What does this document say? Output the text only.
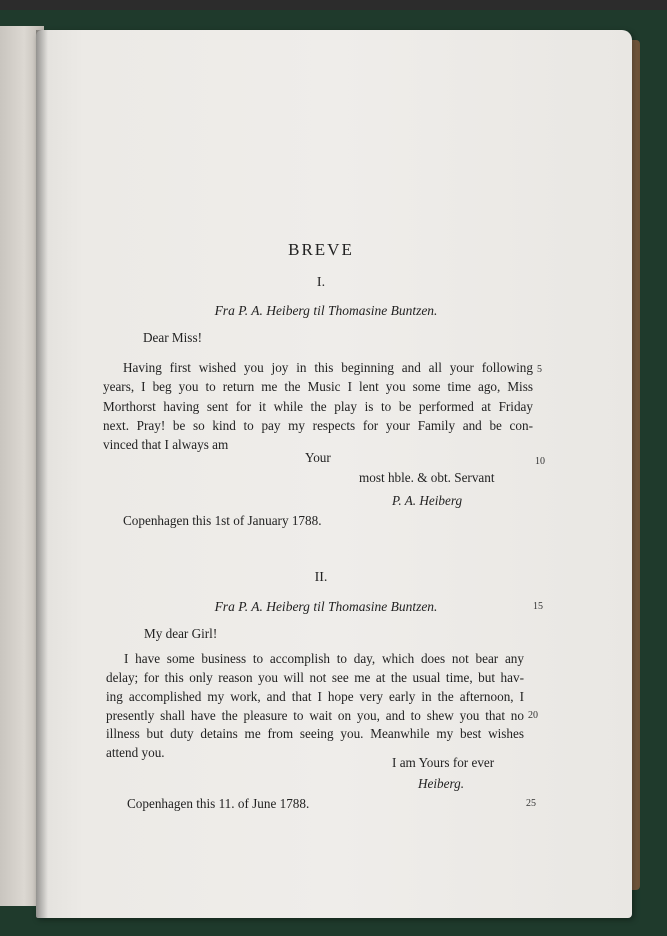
BREVE
I.
Fra P. A. Heiberg til Thomasine Buntzen.
Dear Miss!
Having first wished you joy in this beginning and all your following
years, I beg you to return me the Music I lent you some time ago, Miss
Morthorst having sent for it while the play is to be performed at Friday
next. Pray! be so kind to pay my respects for your Family and be con-
vinced that I always am
Your
most hble. & obt. Servant
P. A. Heiberg
Copenhagen this 1st of January 1788.
II.
Fra P. A. Heiberg til Thomasine Buntzen.
My dear Girl!
I have some business to accomplish to day, which does not bear any
delay; for this only reason you will not see me at the usual time, but hav-
ing accomplished my work, and that I hope very early in the afternoon, I
presently shall have the pleasure to wait on you, and to shew you that no
illness but duty detains me from seeing you. Meanwhile my best wishes
attend you.
I am Yours for ever
Heiberg.
Copenhagen this 11. of June 1788.
5
10
15
20
25
